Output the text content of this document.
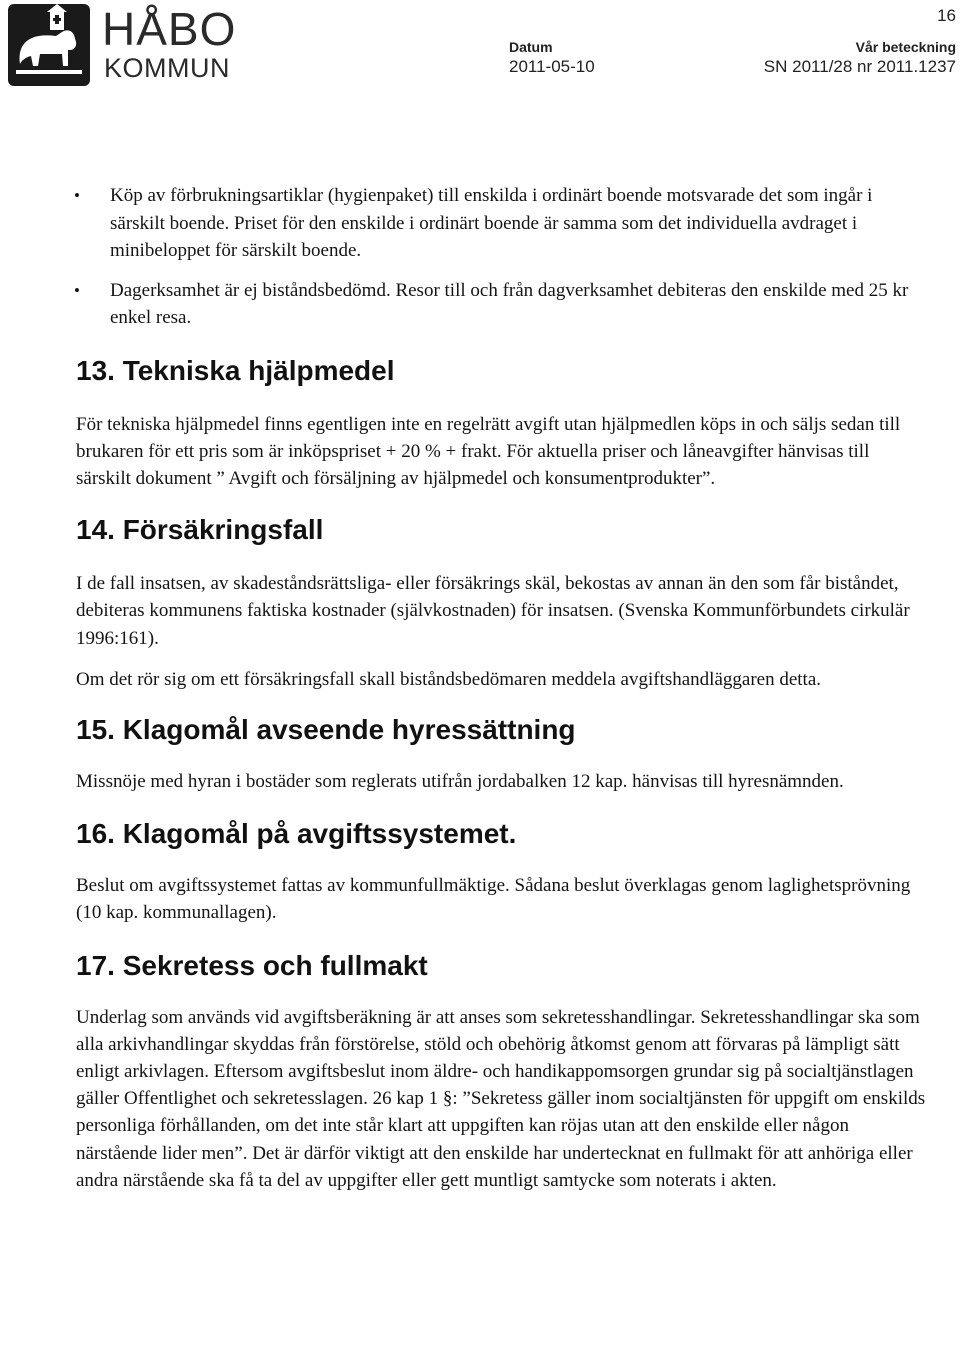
16
HÅBO
KOMMUN
Datum
2011-05-10
Vår beteckning
SN 2011/28 nr 2011.1237
• Köp av förbrukningsartiklar (hygienpaket) till enskilda i ordinärt boende motsvarade det som ingår i särskilt boende. Priset för den enskilde i ordinärt boende är samma som det individuella avdraget i minibeloppet för särskilt boende.
• Dagerksamhet är ej biståndsbedömd. Resor till och från dagverksamhet debiteras den enskilde med 25 kr enkel resa.
13. Tekniska hjälpmedel

För tekniska hjälpmedel finns egentligen inte en regelrätt avgift utan hjälpmedlen köps in och säljs sedan till brukaren för ett pris som är inköpspriset + 20 % + frakt. För aktuella priser och låneavgifter hänvisas till särskilt dokument ” Avgift och försäljning av hjälpmedel och konsumentprodukter”.

14. Försäkringsfall

I de fall insatsen, av skadeståndsrättsliga- eller försäkrings skäl, bekostas av annan än den som får biståndet, debiteras kommunens faktiska kostnader (självkostnaden) för insatsen. (Svenska Kommunförbundets cirkulär 1996:161).

Om det rör sig om ett försäkringsfall skall biståndsbedömaren meddela avgiftshandläggaren detta.

15. Klagomål avseende hyressättning

Missnöje med hyran i bostäder som reglerats utifrån jordabalken 12 kap. hänvisas till hyresnämnden.

16. Klagomål på avgiftssystemet.

Beslut om avgiftssystemet fattas av kommunfullmäktige. Sådana beslut överklagas genom laglighetsprövning (10 kap. kommunallagen).

17. Sekretess och fullmakt

Underlag som används vid avgiftsberäkning är att anses som sekretesshandlingar. Sekretesshandlingar ska som alla arkivhandlingar skyddas från förstörelse, stöld och obehörig åtkomst genom att förvaras på lämpligt sätt enligt arkivlagen. Eftersom avgiftsbeslut inom äldre- och handikappomsorgen grundar sig på socialtjänstlagen gäller Offentlighet och sekretesslagen. 26 kap 1 §: ”Sekretess gäller inom socialtjänsten för uppgift om enskilds personliga förhållanden, om det inte står klart att uppgiften kan röjas utan att den enskilde eller någon närstående lider men”. Det är därför viktigt att den enskilde har undertecknat en fullmakt för att anhöriga eller andra närstående ska få ta del av uppgifter eller gett muntligt samtycke som noterats i akten.
